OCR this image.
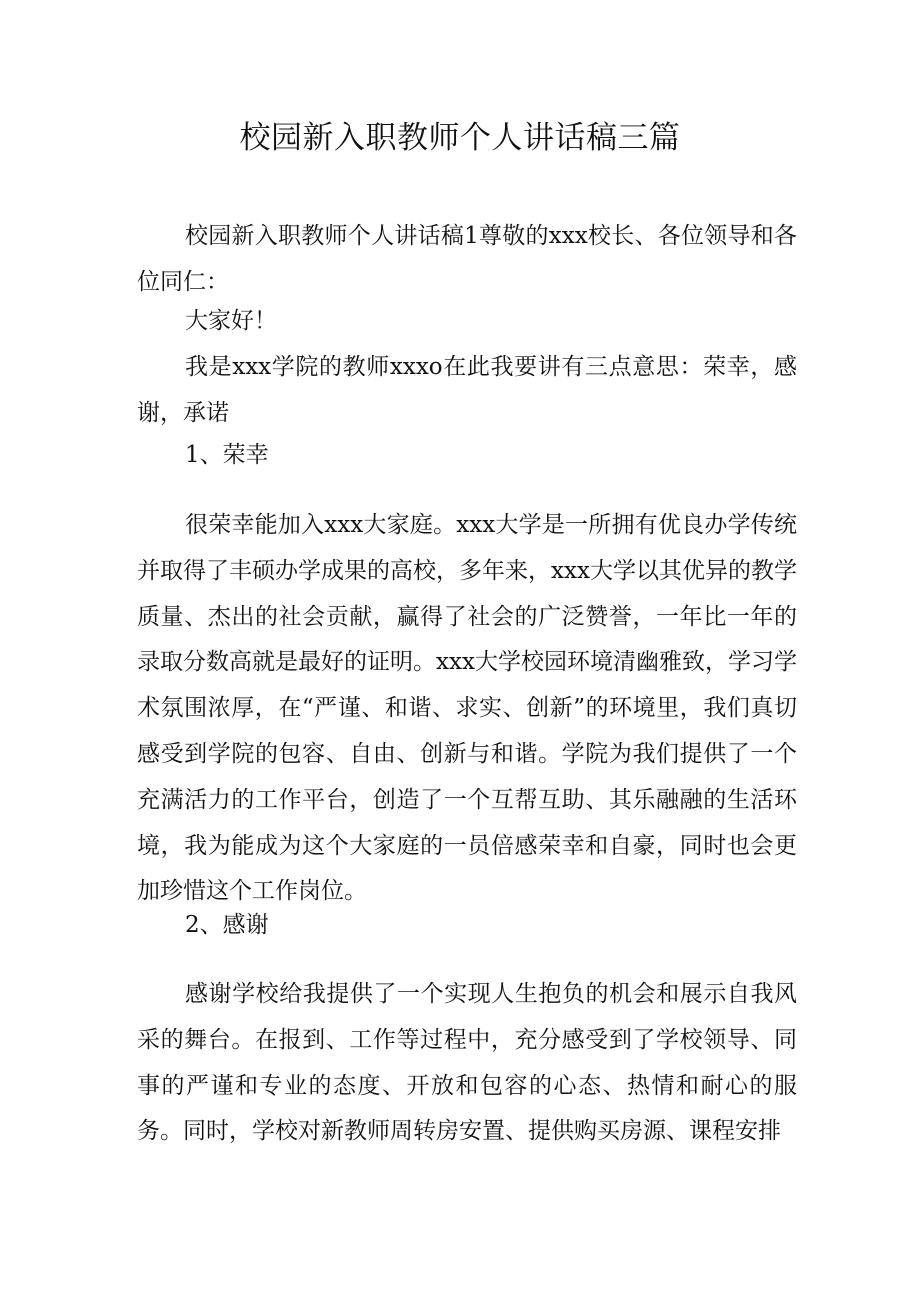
校园新入职教师个人讲话稿三篇

校园新入职教师个人讲话稿1尊敬的xxx校长、各位领导和各位同仁：

大家好！

我是xxx学院的教师xxxo在此我要讲有三点意思：荣幸，感谢，承诺

1、荣幸

很荣幸能加入xxx大家庭。xxx大学是一所拥有优良办学传统并取得了丰硕办学成果的高校，多年来，xxx大学以其优异的教学质量、杰出的社会贡献，赢得了社会的广泛赞誉，一年比一年的录取分数高就是最好的证明。xxx大学校园环境清幽雅致，学习学术氛围浓厚，在“严谨、和谐、求实、创新”的环境里，我们真切感受到学院的包容、自由、创新与和谐。学院为我们提供了一个充满活力的工作平台，创造了一个互帮互助、其乐融融的生活环境，我为能成为这个大家庭的一员倍感荣幸和自豪，同时也会更加珍惜这个工作岗位。

2、感谢

感谢学校给我提供了一个实现人生抱负的机会和展示自我风采的舞台。在报到、工作等过程中，充分感受到了学校领导、同事的严谨和专业的态度、开放和包容的心态、热情和耐心的服务。同时，学校对新教师周转房安置、提供购买房源、课程安排
